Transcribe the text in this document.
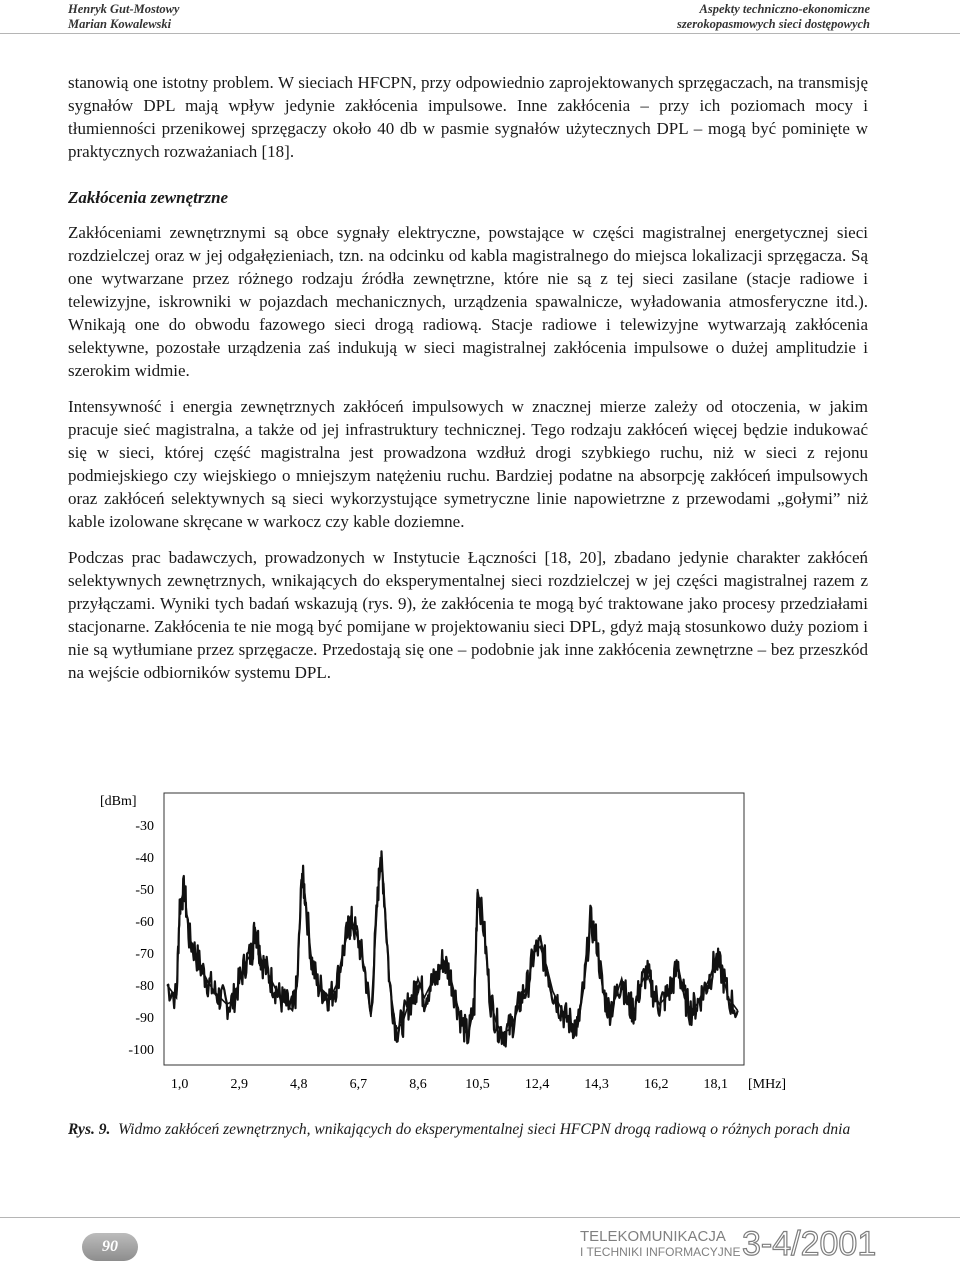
Henryk Gut-Mostowy
Marian Kowalewski
Aspekty techniczno-ekonomiczne
szerokopasmowych sieci dostępowych

stanowią one istotny problem. W sieciach HFCPN, przy odpowiednio zaprojektowanych sprzęgaczach, na transmisję sygnałów DPL mają wpływ jedynie zakłócenia impulsowe. Inne zakłócenia – przy ich poziomach mocy i tłumienności przenikowej sprzęgaczy około 40 db w pasmie sygnałów użytecznych DPL – mogą być pominięte w praktycznych rozważaniach [18].

Zakłócenia zewnętrzne

Zakłóceniami zewnętrznymi są obce sygnały elektryczne, powstające w części magistralnej energetycznej sieci rozdzielczej oraz w jej odgałęzieniach, tzn. na odcinku od kabla magistralnego do miejsca lokalizacji sprzęgacza. Są one wytwarzane przez różnego rodzaju źródła zewnętrzne, które nie są z tej sieci zasilane (stacje radiowe i telewizyjne, iskrowniki w pojazdach mechanicznych, urządzenia spawalnicze, wyładowania atmosferyczne itd.). Wnikają one do obwodu fazowego sieci drogą radiową. Stacje radiowe i telewizyjne wytwarzają zakłócenia selektywne, pozostałe urządzenia zaś indukują w sieci magistralnej zakłócenia impulsowe o dużej amplitudzie i szerokim widmie.

Intensywność i energia zewnętrznych zakłóceń impulsowych w znacznej mierze zależy od otoczenia, w jakim pracuje sieć magistralna, a także od jej infrastruktury technicznej. Tego rodzaju zakłóceń więcej będzie indukować się w sieci, której część magistralna jest prowadzona wzdłuż drogi szybkiego ruchu, niż w sieci z rejonu podmiejskiego czy wiejskiego o mniejszym natężeniu ruchu. Bardziej podatne na absorpcję zakłóceń impulsowych oraz zakłóceń selektywnych są sieci wykorzystujące symetryczne linie napowietrzne z przewodami „gołymi” niż kable izolowane skręcane w warkocz czy kable doziemne.

Podczas prac badawczych, prowadzonych w Instytucie Łączności [18, 20], zbadano jedynie charakter zakłóceń selektywnych zewnętrznych, wnikających do eksperymentalnej sieci rozdzielczej w jej części magistralnej razem z przyłączami. Wyniki tych badań wskazują (rys. 9), że zakłócenia te mogą być traktowane jako procesy przedziałami stacjonarne. Zakłócenia te nie mogą być pomijane w projektowaniu sieci DPL, gdyż mają stosunkowo duży poziom i nie są wytłumiane przez sprzęgacze. Przedostają się one – podobnie jak inne zakłócenia zewnętrzne – bez przeszkód na wejście odbiorników systemu DPL.

[dBm]
[MHz]
-30
-40
-50
-60
-70
-80
-90
-100
1,0	2,9	4,8	6,7	8,6	10,5	12,4	14,3	16,2	18,1
Rys. 9. Widmo zakłóceń zewnętrznych, wnikających do eksperymentalnej sieci HFCPN drogą radiową o różnych porach dnia
90
TELEKOMUNIKACJA
I TECHNIKI INFORMACYJNE 3-4/2001
